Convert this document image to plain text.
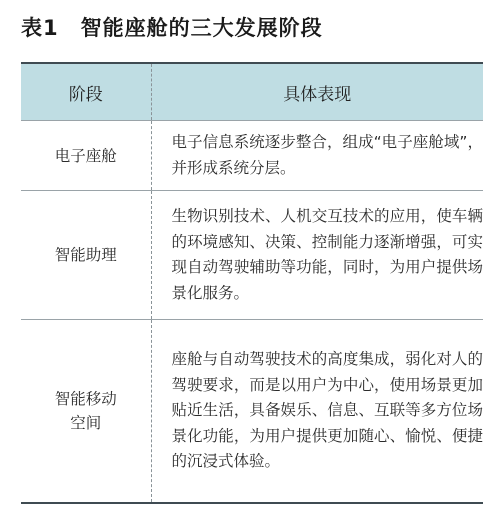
表1 智能座舱的三大发展阶段
阶段	具体表现
电子座舱	电子信息系统逐步整合，组成“电子座舱域”，并形成系统分层。
智能助理	生物识别技术、人机交互技术的应用，使车辆的环境感知、决策、控制能力逐渐增强，可实现自动驾驶辅助等功能，同时，为用户提供场景化服务。
智能移动空间	座舱与自动驾驶技术的高度集成，弱化对人的驾驶要求，而是以用户为中心，使用场景更加贴近生活，具备娱乐、信息、互联等多方位场景化功能，为用户提供更加随心、愉悦、便捷的沉浸式体验。
